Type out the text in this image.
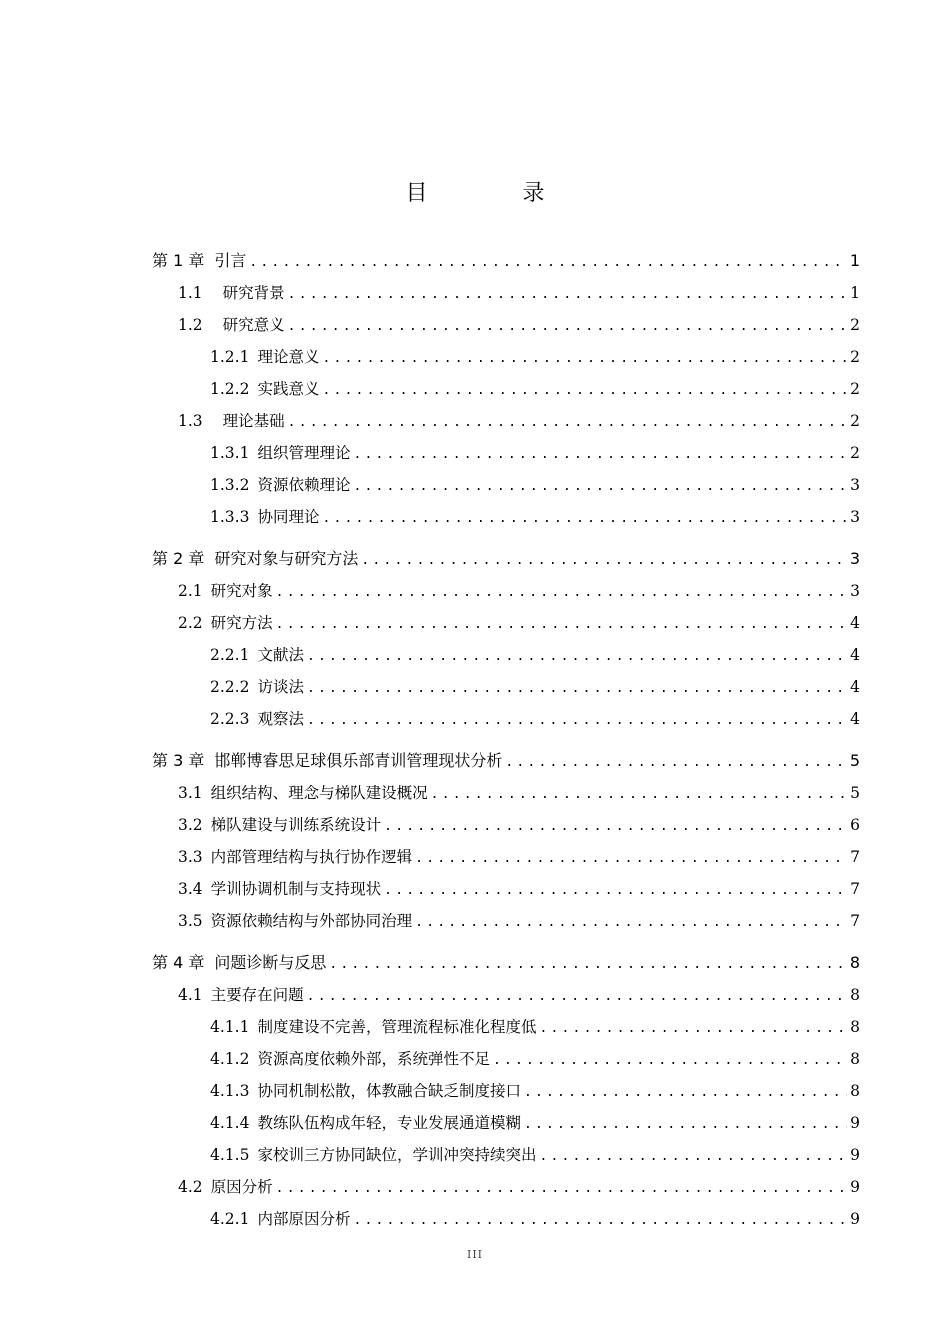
目 录
第 1 章 引言 .....	1
1.1 研究背景 .....	1
1.2 研究意义 .....	2
1.2.1 理论意义 .....	2
1.2.2 实践意义 .....	2
1.3 理论基础 .....	2
1.3.1 组织管理理论 .....	2
1.3.2 资源依赖理论 .....	3
1.3.3 协同理论 .....	3
第 2 章 研究对象与研究方法 .....	3
2.1 研究对象 .....	3
2.2 研究方法 .....	4
2.2.1 文献法 .....	4
2.2.2 访谈法 .....	4
2.2.3 观察法 .....	4
第 3 章 邯郸博睿思足球俱乐部青训管理现状分析 .....	5
3.1 组织结构、理念与梯队建设概况 .....	5
3.2 梯队建设与训练系统设计 .....	6
3.3 内部管理结构与执行协作逻辑 .....	7
3.4 学训协调机制与支持现状 .....	7
3.5 资源依赖结构与外部协同治理 .....	7
第 4 章 问题诊断与反思 .....	8
4.1 主要存在问题 .....	8
4.1.1 制度建设不完善，管理流程标准化程度低 .....	8
4.1.2 资源高度依赖外部，系统弹性不足 .....	8
4.1.3 协同机制松散，体教融合缺乏制度接口 .....	8
4.1.4 教练队伍构成年轻，专业发展通道模糊 .....	9
4.1.5 家校训三方协同缺位，学训冲突持续突出 .....	9
4.2 原因分析 .....	9
4.2.1 内部原因分析 .....	9
III
